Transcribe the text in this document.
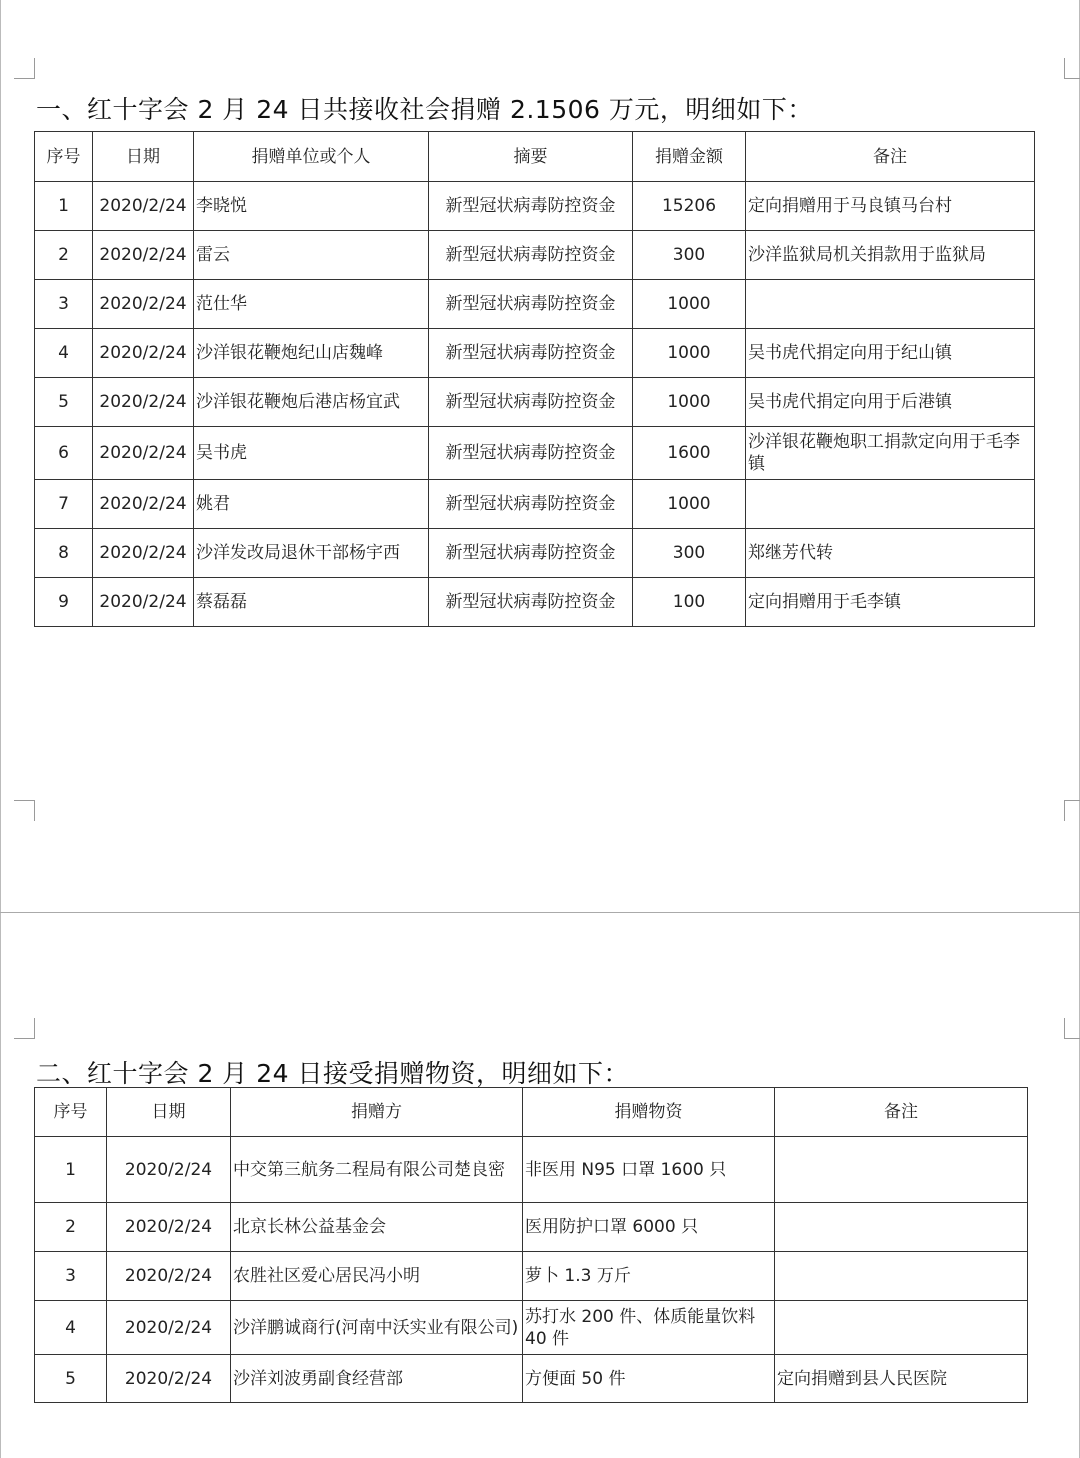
一、红十字会 2 月 24 日共接收社会捐赠 2.1506 万元，明细如下：
序号	日期	捐赠单位或个人	摘要	捐赠金额	备注
1	2020/2/24	李晓悦	新型冠状病毒防控资金	15206	定向捐赠用于马良镇马台村
2	2020/2/24	雷云	新型冠状病毒防控资金	300	沙洋监狱局机关捐款用于监狱局
3	2020/2/24	范仕华	新型冠状病毒防控资金	1000	
4	2020/2/24	沙洋银花鞭炮纪山店魏峰	新型冠状病毒防控资金	1000	吴书虎代捐定向用于纪山镇
5	2020/2/24	沙洋银花鞭炮后港店杨宜武	新型冠状病毒防控资金	1000	吴书虎代捐定向用于后港镇
6	2020/2/24	吴书虎	新型冠状病毒防控资金	1600	沙洋银花鞭炮职工捐款定向用于毛李镇
7	2020/2/24	姚君	新型冠状病毒防控资金	1000	
8	2020/2/24	沙洋发改局退休干部杨宇西	新型冠状病毒防控资金	300	郑继芳代转
9	2020/2/24	蔡磊磊	新型冠状病毒防控资金	100	定向捐赠用于毛李镇
二、红十字会 2 月 24 日接受捐赠物资，明细如下：
序号	日期	捐赠方	捐赠物资	备注
1	2020/2/24	中交第三航务二程局有限公司楚良密	非医用 N95 口罩 1600 只	
2	2020/2/24	北京长林公益基金会	医用防护口罩 6000 只	
3	2020/2/24	农胜社区爱心居民冯小明	萝卜 1.3 万斤	
4	2020/2/24	沙洋鹏诚商行(河南中沃实业有限公司)	苏打水 200 件、体质能量饮料 40 件	
5	2020/2/24	沙洋刘波勇副食经营部	方便面 50 件	定向捐赠到县人民医院
